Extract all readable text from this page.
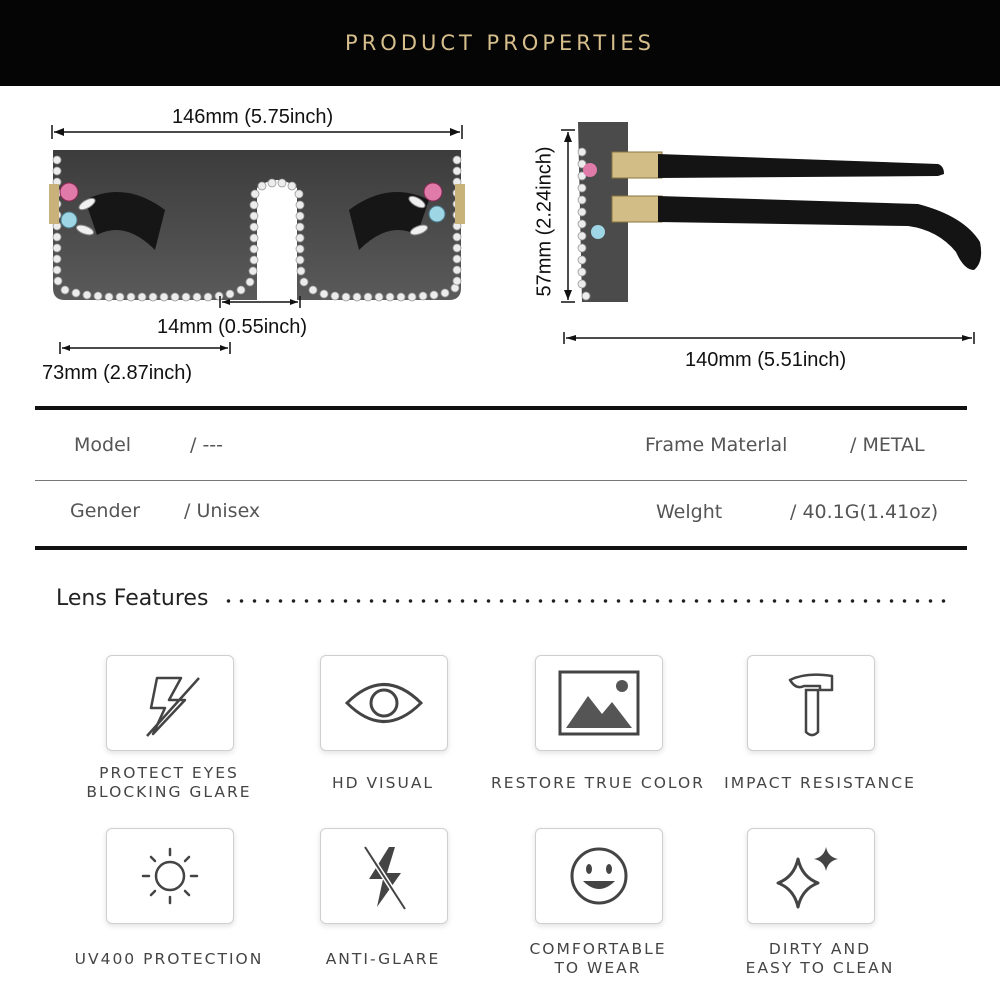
PRODUCT PROPERTIES
146mm (5.75inch)
14mm (0.55inch)
73mm (2.87inch)
57mm (2.24inch)
140mm (5.51inch)
Model	/ ---	Frame Materlal	/ METAL
Gender / Unisex	Welght	/ 40.1G(1.41oz)
Lens Features
PROTECT EYES
BLOCKING GLARE	HD VISUAL	RESTORE TRUE COLOR	IMPACT RESISTANCE
UV400 PROTECTION	ANTI-GLARE
COMFORTABLE
TO WEAR
DIRTY AND
EASY TO CLEAN
